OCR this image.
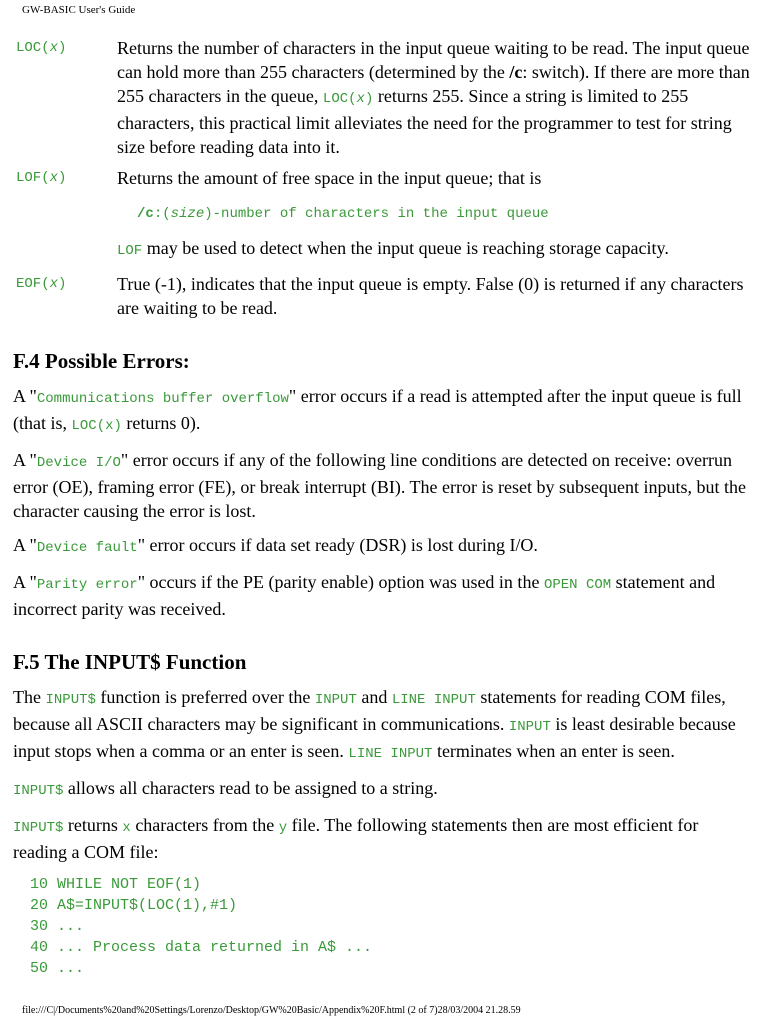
GW-BASIC User's Guide
LOC(x)	Returns the number of characters in the input queue waiting to be read. The input queue can hold more than 255 characters (determined by the /c: switch). If there are more than 255 characters in the queue, LOC(x) returns 255. Since a string is limited to 255 characters, this practical limit alleviates the need for the programmer to test for string size before reading data into it.

LOF(x)	Returns the amount of free space in the input queue; that is

/c:(size)-number of characters in the input queue

LOF may be used to detect when the input queue is reaching storage capacity.

EOF(x)	True (-1), indicates that the input queue is empty. False (0) is returned if any characters are waiting to be read.

F.4 Possible Errors:

A "Communications buffer overflow" error occurs if a read is attempted after the input queue is full (that is, LOC(x) returns 0).

A "Device I/O" error occurs if any of the following line conditions are detected on receive: overrun error (OE), framing error (FE), or break interrupt (BI). The error is reset by subsequent inputs, but the character causing the error is lost.

A "Device fault" error occurs if data set ready (DSR) is lost during I/O.

A "Parity error" occurs if the PE (parity enable) option was used in the OPEN COM statement and incorrect parity was received.

F.5 The INPUT$ Function

The INPUT$ function is preferred over the INPUT and LINE INPUT statements for reading COM files, because all ASCII characters may be significant in communications. INPUT is least desirable because input stops when a comma or an enter is seen. LINE INPUT terminates when an enter is seen.

INPUT$ allows all characters read to be assigned to a string.

INPUT$ returns x characters from the y file. The following statements then are most efficient for reading a COM file:

10 WHILE NOT EOF(1)
20 A$=INPUT$(LOC(1),#1)
30 ...
40 ... Process data returned in A$ ...
50 ...
file:///C|/Documents%20and%20Settings/Lorenzo/Desktop/GW%20Basic/Appendix%20F.html (2 of 7)28/03/2004 21.28.59
